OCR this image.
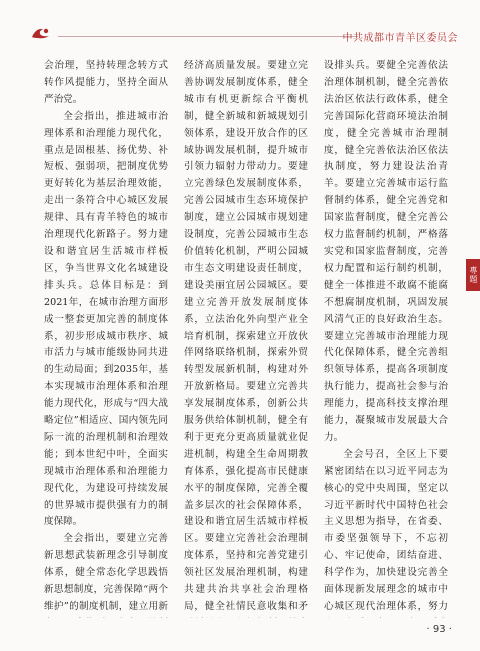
中共成都市青羊区委员会

会治理，坚持转理念转方式转作风提能力，坚持全面从严治党。

全会指出，推进城市治理体系和治理能力现代化，重点是固根基、扬优势、补短板、强弱项，把制度优势更好转化为基层治理效能，走出一条符合中心城区发展规律、具有青羊特色的城市治理现代化新路子。努力建设和谐宜居生活城市样板区，争当世界文化名城建设排头兵。总体目标是：到2021年，在城市治理方面形成一整套更加完善的制度体系，初步形成城市秩序、城市活力与城市能级协同共进的生动局面；到2035年，基本实现城市治理体系和治理能力现代化，形成与“四大战略定位”相适应、国内领先同际一流的治理机制和治理效能；到本世纪中叶，全面实现城市治理体系和治理能力现代化，为建设可持续发展的世界城市提供强有力的制度保障。

全会指出，要建立完善新思想武装新理念引导制度体系，健全常态化学思践悟新思想制度，完善保障“两个维护”的制度机制，建立用新

经济高质量发展。要建立完善协调发展制度体系，健全城市有机更新综合平衡机制，健全新城和新城规划引领体系，建设开放合作的区域协调发展机制，提升城市引领力辐射力带动力。要建立完善绿色发展制度体系，完善公园城市生态环境保护制度，建立公园城市规划建设制度，完善公园城市生态价值转化机制，严明公园城市生态文明建设责任制度，建设美丽宜居公园城区。要建立完善开放发展制度体系，立法治化外向型产业全培育机制，探索建立开放伙伴网络联络机制，探索外贸转型发展新机制，构建对外开放新格局。要建立完善共享发展制度体系，创新公共服务供给体制机制，健全有利于更充分更高质量就业促进机制，构建全生命周期教育体系，强化提高市民健康水平的制度保障，完善全覆盖多层次的社会保障体系，建设和谐宜居生活城市样板区。要建立完善社会治理制度体系，坚持和完善党建引领社区发展治理机制，构建共建共治共享社会治理格局，健全社情民意收集和矛

设排头兵。要健全完善依法治理体制机制，健全完善依法治区依法行政体系，健全完善国际化营商环境法治制度，健全完善城市治理制度，健全完善依法治区依法执制度，努力建设法治青羊。要建立完善城市运行监督制约体系，健全完善党和国家监督制度，健全完善公权力监督制约机制，严格落实党和国家监督制度，完善权力配置和运行制约机制，健全一体推进不敢腐不能腐不想腐制度机制，巩固发展风清气正的良好政治生态。要建立完善城市治理能力现代化保障体系，健全完善组织领导体系，提高各项制度执行能力，提高社会参与治理能力，提高科技支撑治理能力，凝聚城市发展最大合力。

全会号召，全区上下要紧密团结在以习近平同志为核心的党中央周围，坚定以习近平新时代中国特色社会主义思想为指导，在省委、市委坚强领导下，不忘初心、牢记使命，团结奋进、科学作为，加快建设完善全面体现新发展理念的城市中心城区现代治理体系，努力

專題
· 93 ·
